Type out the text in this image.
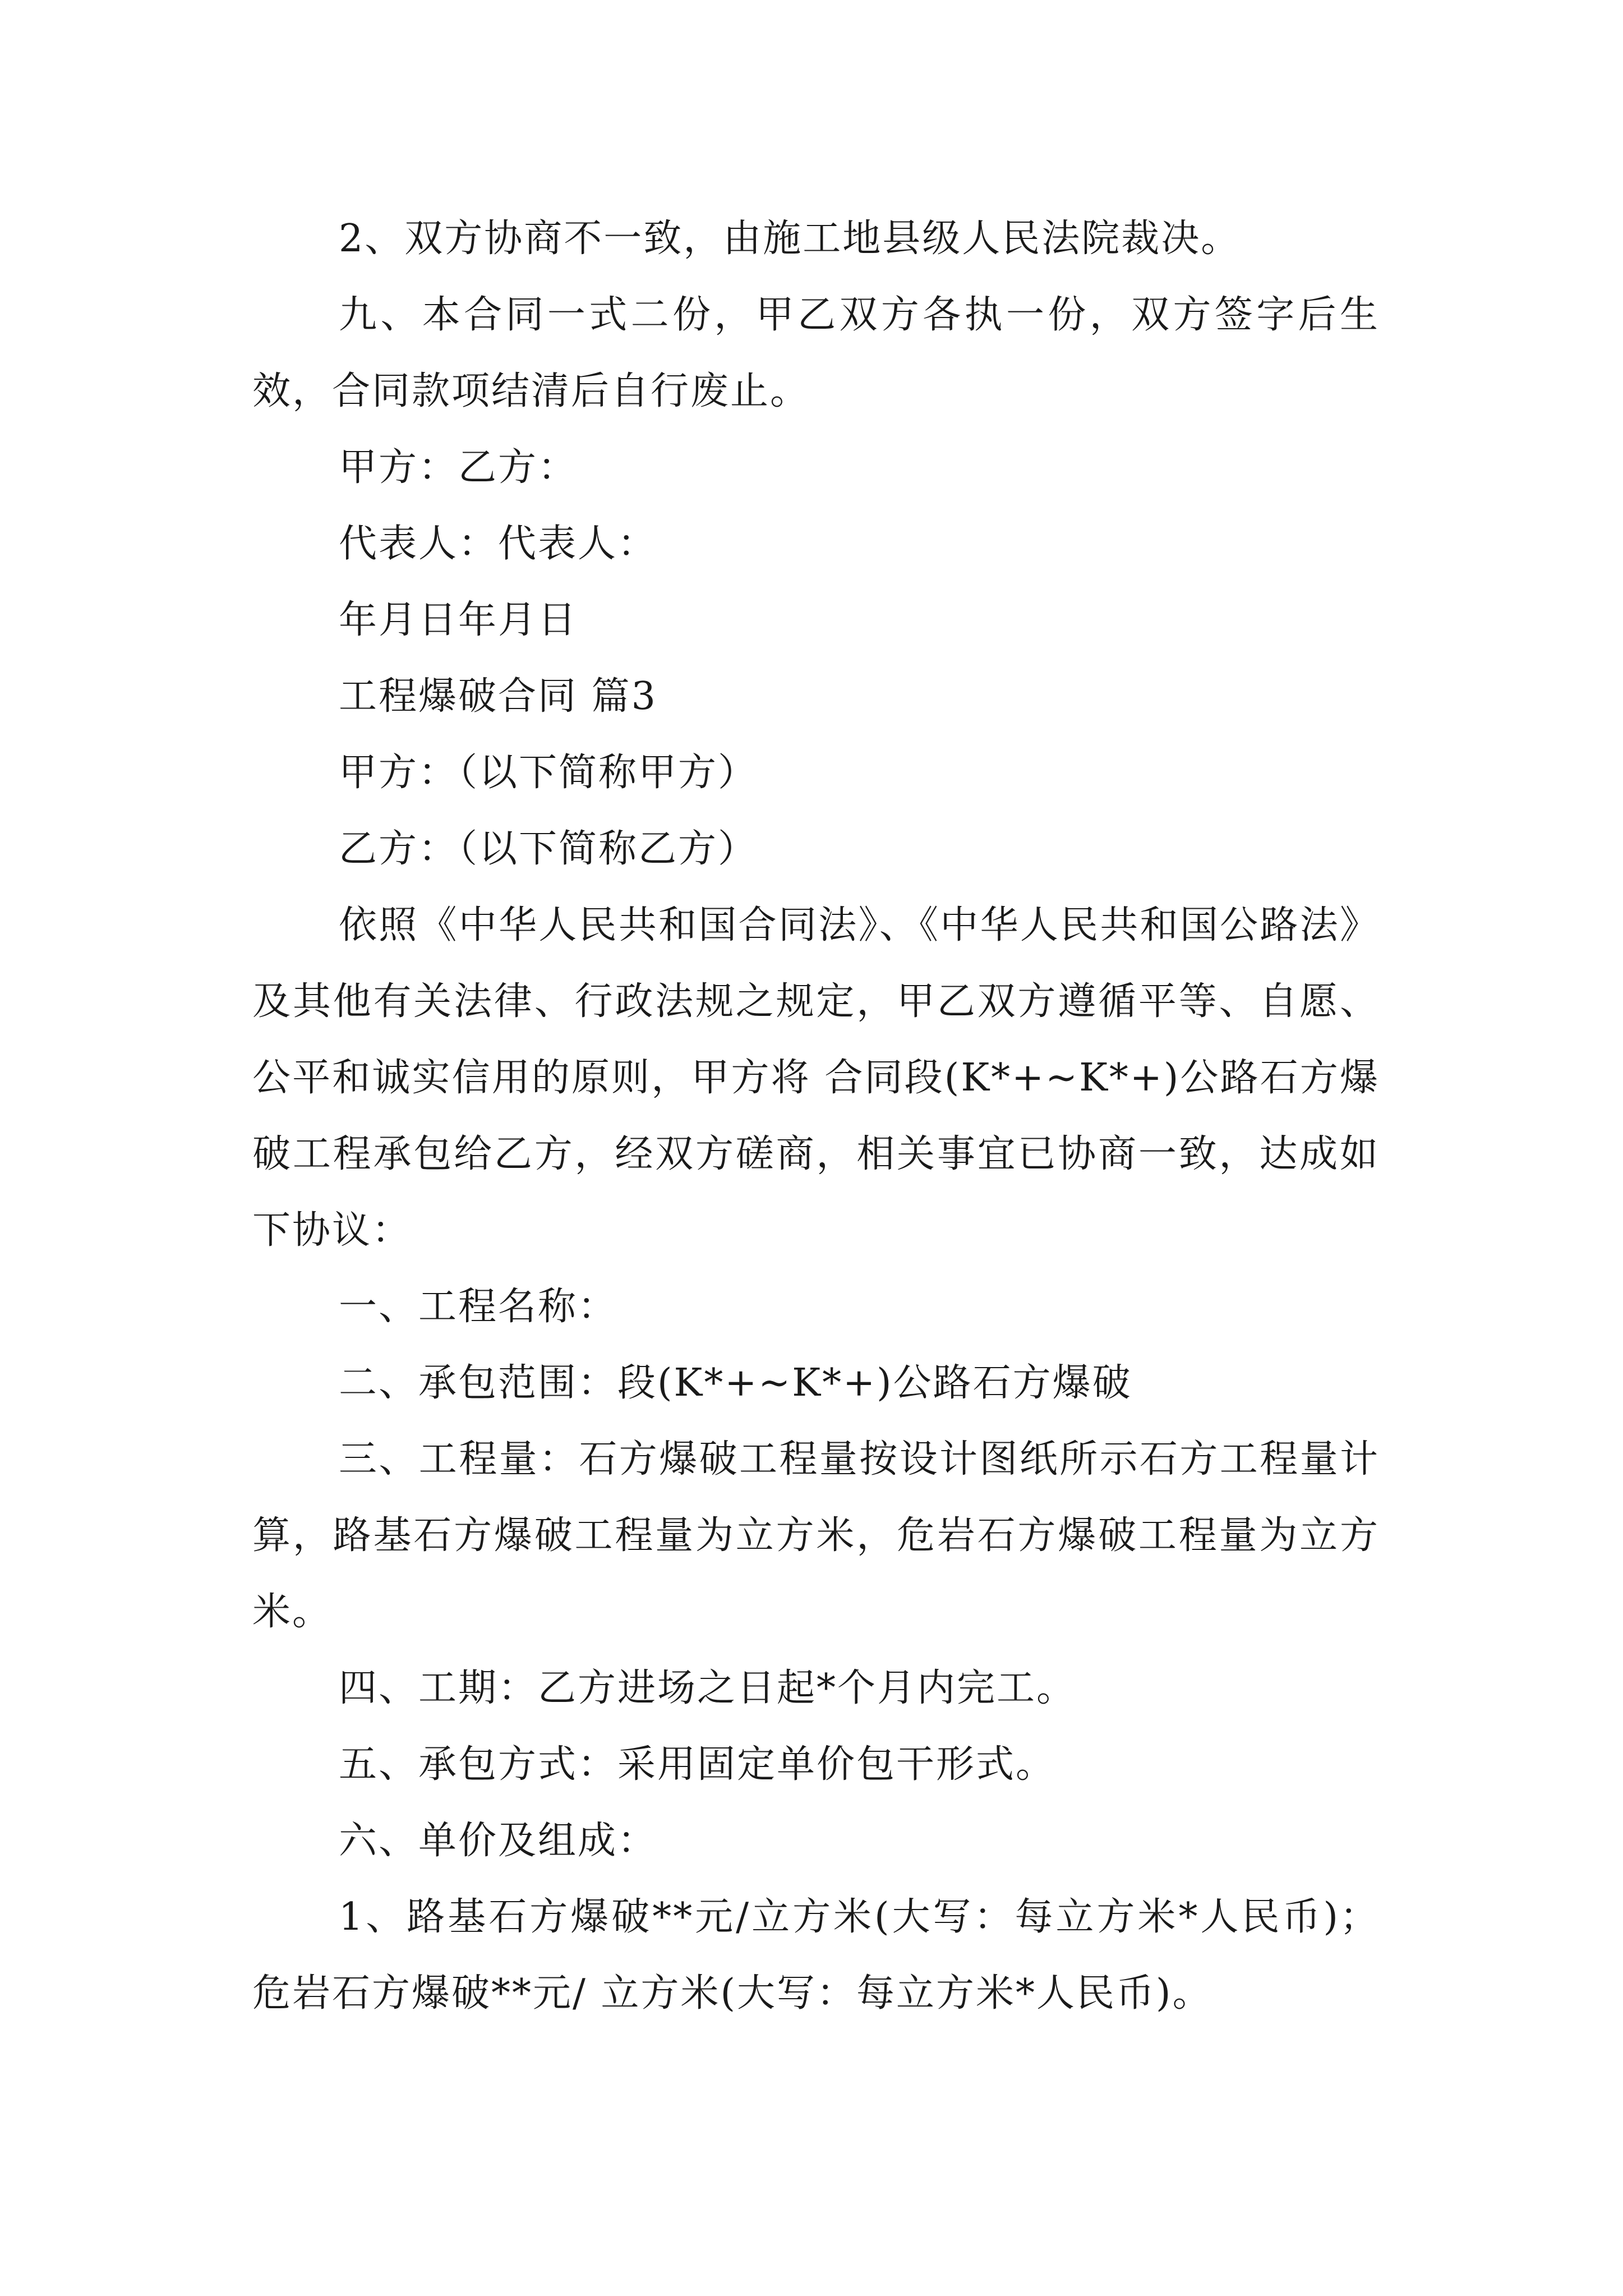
2、双方协商不一致，由施工地县级人民法院裁决。

九、本合同一式二份，甲乙双方各执一份，双方签字后生效，合同款项结清后自行废止。

甲方：乙方：

代表人：代表人：

年月日年月日

工程爆破合同 篇3

甲方：（以下简称甲方）

乙方：（以下简称乙方）

依照《中华人民共和国合同法》、《中华人民共和国公路法》及其他有关法律、行政法规之规定，甲乙双方遵循平等、自愿、公平和诚实信用的原则，甲方将 合同段(K*+~K*+)公路石方爆破工程承包给乙方，经双方磋商，相关事宜已协商一致，达成如下协议：

一、工程名称：

二、承包范围：段(K*+~K*+)公路石方爆破

三、工程量：石方爆破工程量按设计图纸所示石方工程量计算，路基石方爆破工程量为立方米，危岩石方爆破工程量为立方米。

四、工期：乙方进场之日起*个月内完工。

五、承包方式：采用固定单价包干形式。

六、单价及组成：

1、路基石方爆破**元/立方米(大写：每立方米*人民币)；危岩石方爆破**元/ 立方米(大写：每立方米*人民币)。
